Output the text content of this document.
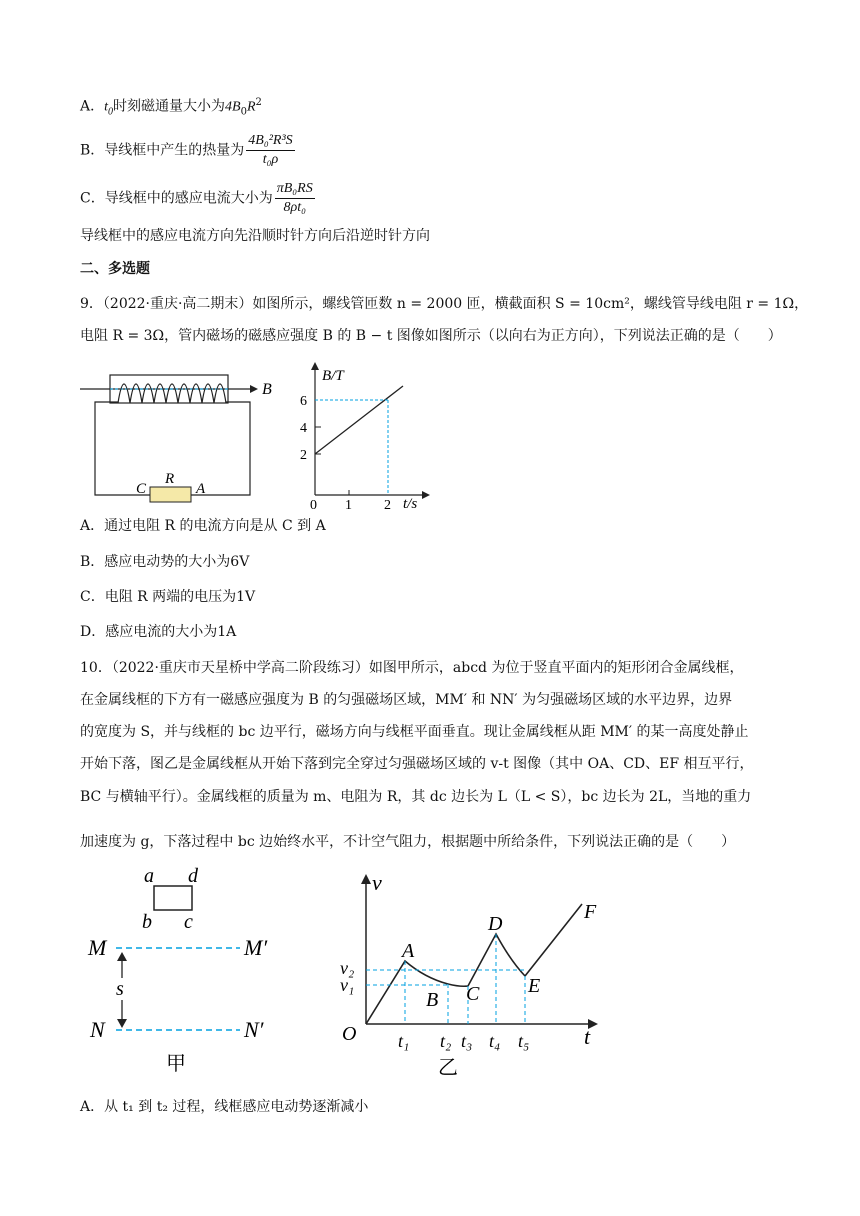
A．$t_0$时刻磁通量大小为$4B_0R^2$
B．导线框中产生的热量为 $\frac{\text{4B₀²R³S}}{\text{t₀ρ}}$
C．导线框中的感应电流大小为 $\frac{\text{πB₀RS}}{\text{8ρt₀}}$
导线框中的感应电流方向先沿顺时针方向后沿逆时针方向
二、多选题
9．（2022·重庆·高二期末）如图所示，螺线管匝数 n = 2000 匝，横截面积 S = 10cm²，螺线管导线电阻 r = 1Ω，
电阻 R = 3Ω，管内磁场的磁感应强度 B 的 B − t 图像如图所示（以向右为正方向），下列说法正确的是（　　）
B
R
C	A
B/T
t/s
0
2
4
6
1 2
A．通过电阻 R 的电流方向是从 C 到 A
B．感应电动势的大小为6V
C．电阻 R 两端的电压为1V
D．感应电流的大小为1A
10．（2022·重庆市天星桥中学高二阶段练习）如图甲所示，abcd 为位于竖直平面内的矩形闭合金属线框，
在金属线框的下方有一磁感应强度为 B 的匀强磁场区域，MM′ 和 NN′ 为匀强磁场区域的水平边界，边界
的宽度为 S，并与线框的 bc 边平行，磁场方向与线框平面垂直。现让金属线框从距 MM′ 的某一高度处静止
开始下落，图乙是金属线框从开始下落到完全穿过匀强磁场区域的 v-t 图像（其中 OA、CD、EF 相互平行，
BC 与横轴平行）。金属线框的质量为 m、电阻为 R，其 dc 边长为 L（L < S），bc 边长为 2L，当地的重力
加速度为 g，下落过程中 bc 边始终水平，不计空气阻力，根据题中所给条件，下列说法正确的是（　　）
a d
b c
M	M′
N	N′
s
甲
v
t
O
A
B C
D
E
F
v₂
v₁
t₁ t₂ t₃ t₄ t₅
乙
A．从 t₁ 到 t₂ 过程，线框感应电动势逐渐减小
